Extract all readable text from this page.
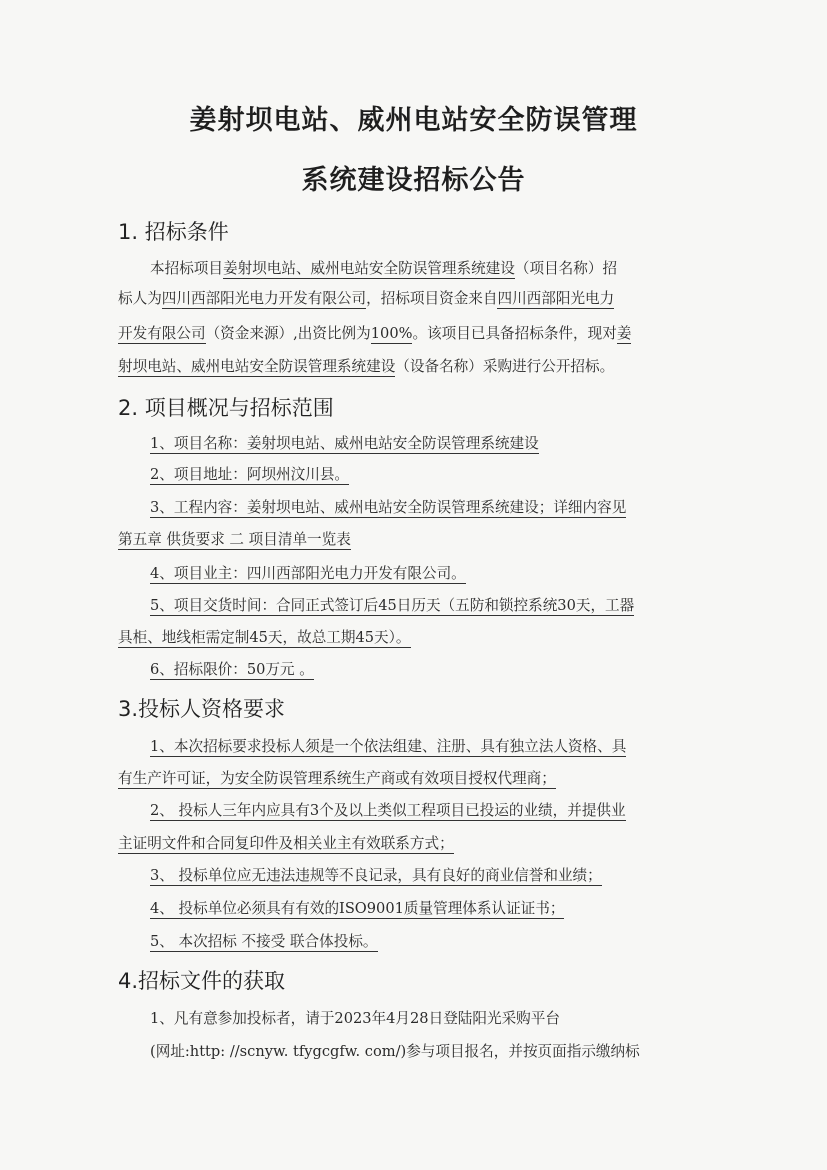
姜射坝电站、威州电站安全防误管理
系统建设招标公告
1. 招标条件
本招标项目姜射坝电站、威州电站安全防误管理系统建设（项目名称）招
标人为四川西部阳光电力开发有限公司，招标项目资金来自四川西部阳光电力
开发有限公司（资金来源）,出资比例为100%。该项目已具备招标条件，现对姜
射坝电站、威州电站安全防误管理系统建设（设备名称）采购进行公开招标。
2. 项目概况与招标范围
1、项目名称：姜射坝电站、威州电站安全防误管理系统建设
2、项目地址：阿坝州汶川县。
3、工程内容：姜射坝电站、威州电站安全防误管理系统建设；详细内容见
第五章 供货要求 二 项目清单一览表
4、项目业主：四川西部阳光电力开发有限公司。
5、项目交货时间：合同正式签订后45日历天（五防和锁控系统30天，工器
具柜、地线柜需定制45天，故总工期45天）。
6、招标限价：50万元 。
3.投标人资格要求
1、本次招标要求投标人须是一个依法组建、注册、具有独立法人资格、具
有生产许可证，为安全防误管理系统生产商或有效项目授权代理商；
2、 投标人三年内应具有3个及以上类似工程项目已投运的业绩，并提供业
主证明文件和合同复印件及相关业主有效联系方式；
3、 投标单位应无违法违规等不良记录，具有良好的商业信誉和业绩；
4、 投标单位必须具有有效的ISO9001质量管理体系认证证书；
5、 本次招标 不接受 联合体投标。
4.招标文件的获取
1、凡有意参加投标者，请于2023年4月28日登陆阳光采购平台
(网址:http: //scnyw. tfygcgfw. com/)参与项目报名，并按页面指示缴纳标
